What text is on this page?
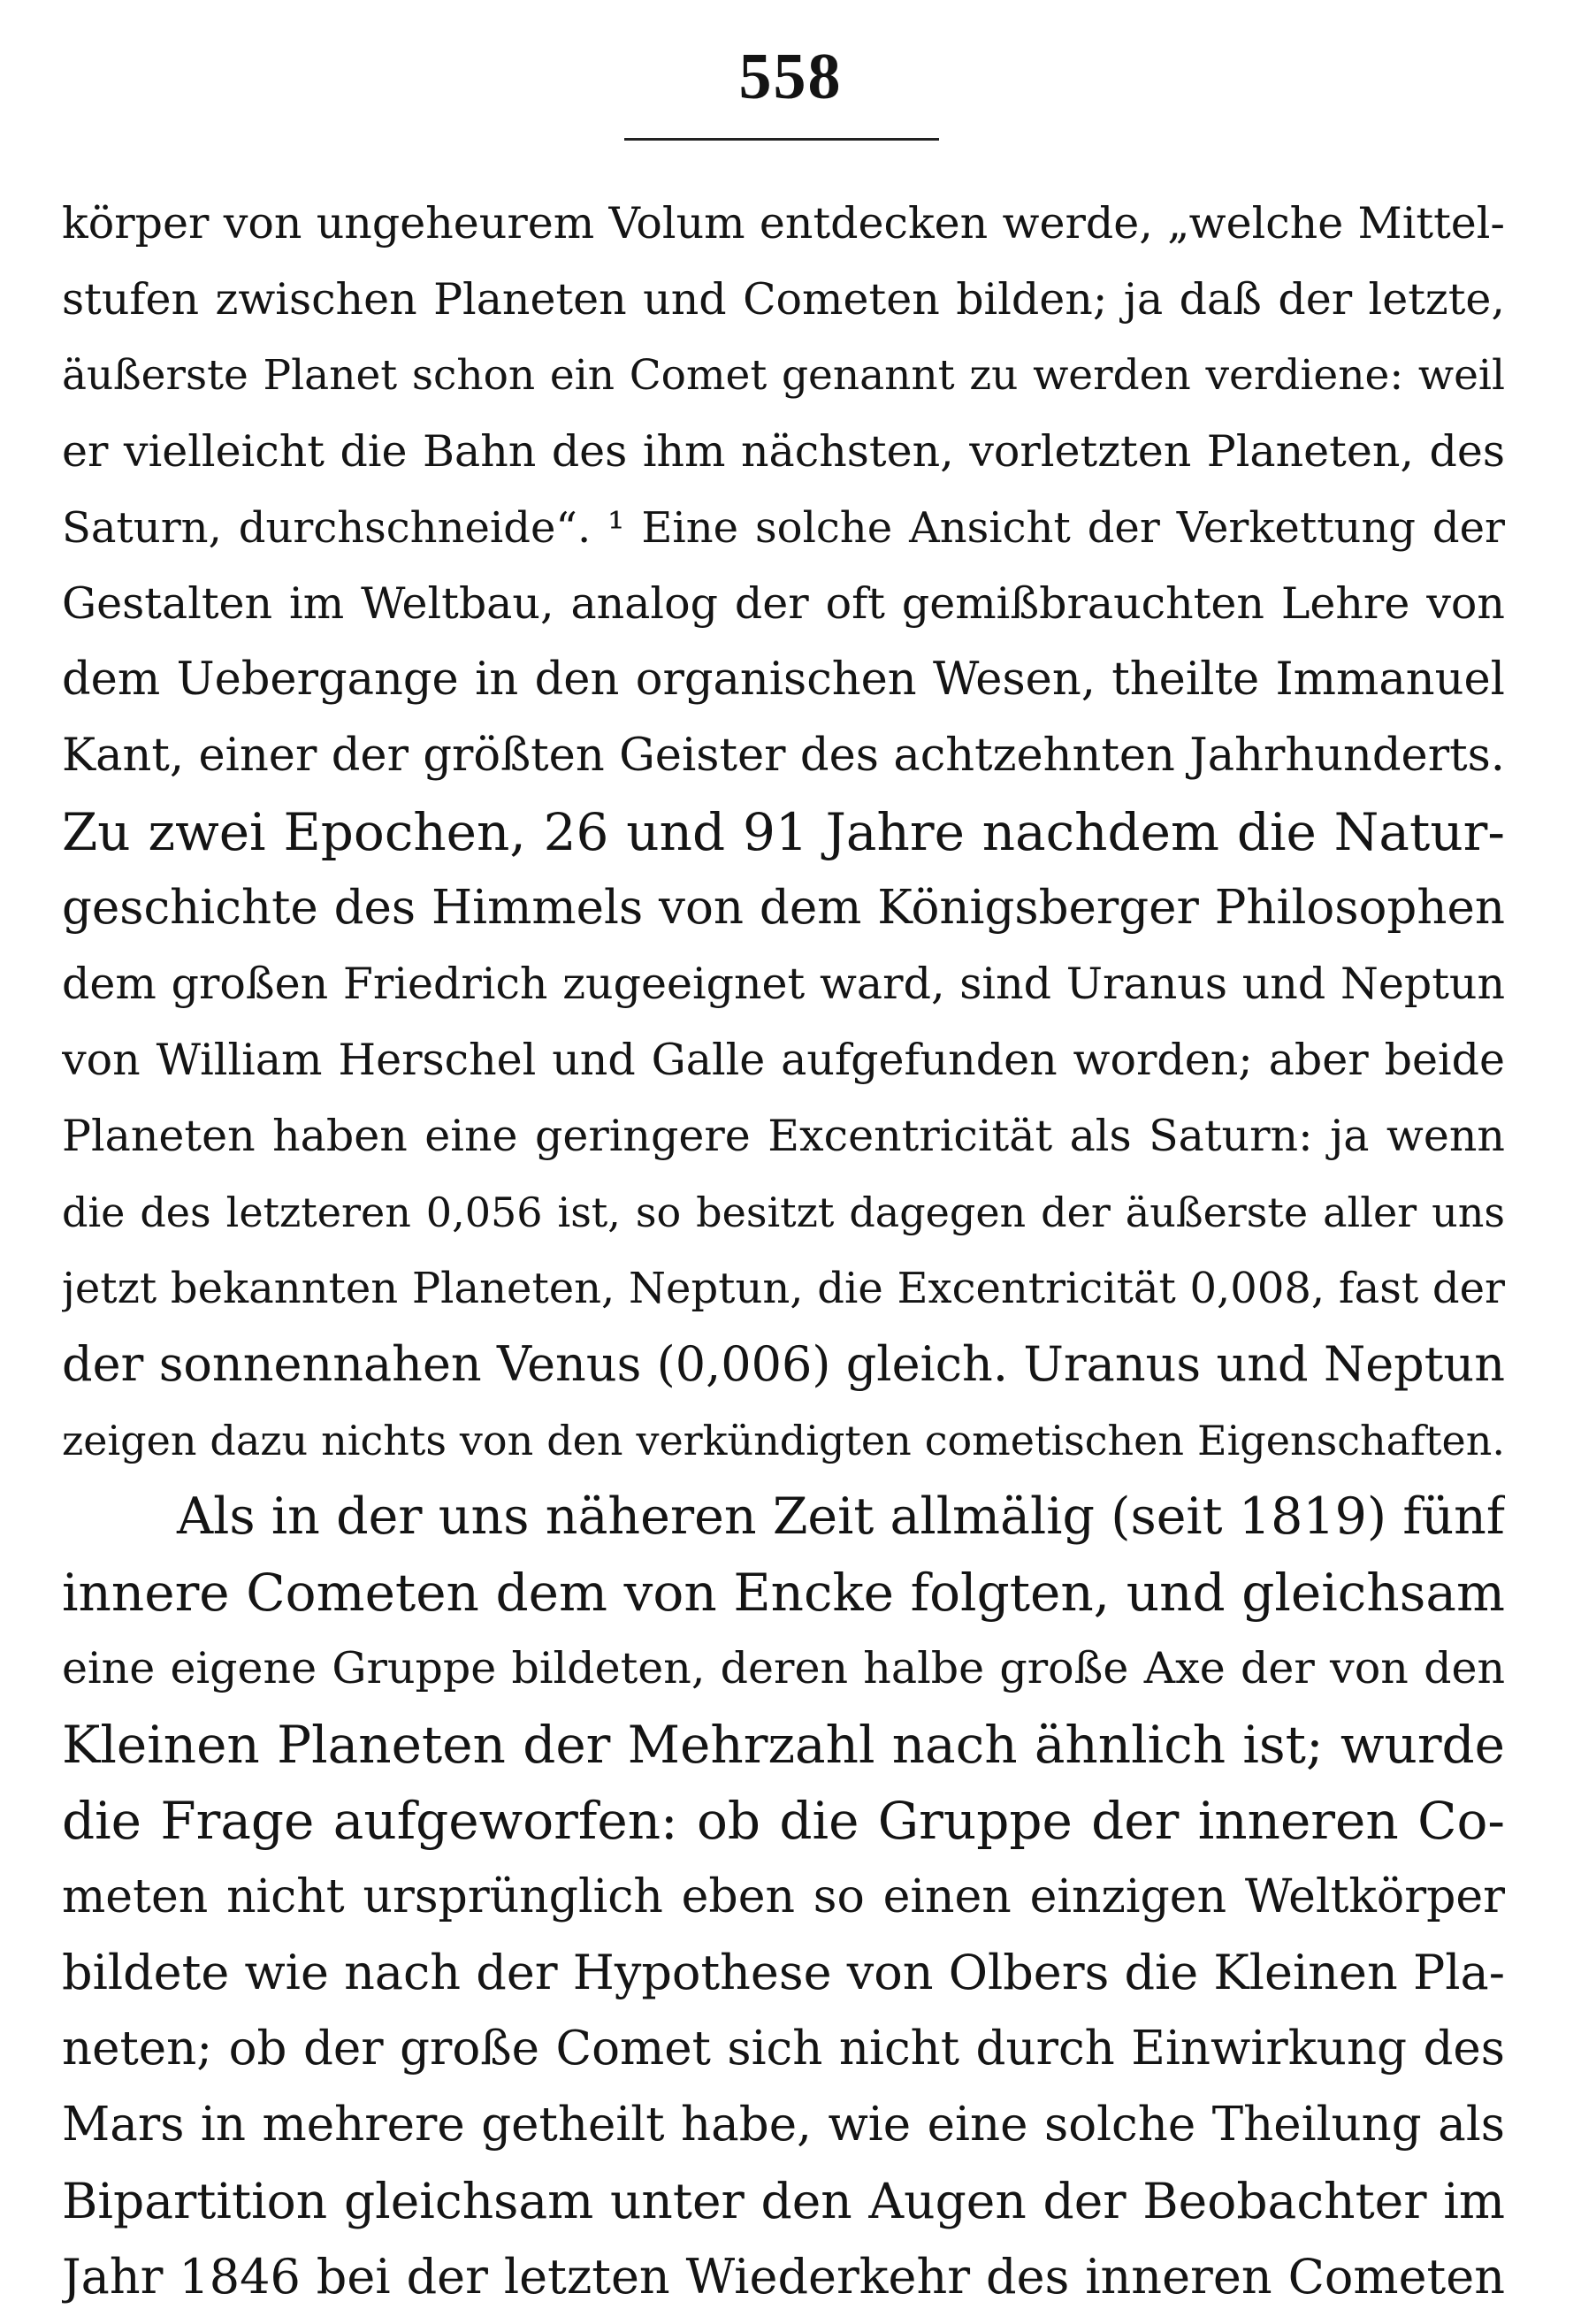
558
körper von ungeheurem Volum entdecken werde, „welche Mittel-
stufen zwischen Planeten und Cometen bilden; ja daß der letzte,
äußerste Planet schon ein Comet genannt zu werden verdiene: weil
er vielleicht die Bahn des ihm nächsten, vorletzten Planeten, des
Saturn, durchschneide“. ¹ Eine solche Ansicht der Verkettung der
Gestalten im Weltbau, analog der oft gemißbrauchten Lehre von
dem Uebergange in den organischen Wesen, theilte Immanuel
Kant, einer der größten Geister des achtzehnten Jahrhunderts.
Zu zwei Epochen, 26 und 91 Jahre nachdem die Natur-
geschichte des Himmels von dem Königsberger Philosophen
dem großen Friedrich zugeeignet ward, sind Uranus und Neptun
von William Herschel und Galle aufgefunden worden; aber beide
Planeten haben eine geringere Excentricität als Saturn: ja wenn
die des letzteren 0,056 ist, so besitzt dagegen der äußerste aller uns
jetzt bekannten Planeten, Neptun, die Excentricität 0,008, fast der
der sonnennahen Venus (0,006) gleich. Uranus und Neptun
zeigen dazu nichts von den verkündigten cometischen Eigenschaften.
Als in der uns näheren Zeit allmälig (seit 1819) fünf
innere Cometen dem von Encke folgten, und gleichsam
eine eigene Gruppe bildeten, deren halbe große Axe der von den
Kleinen Planeten der Mehrzahl nach ähnlich ist; wurde
die Frage aufgeworfen: ob die Gruppe der inneren Co-
meten nicht ursprünglich eben so einen einzigen Weltkörper
bildete wie nach der Hypothese von Olbers die Kleinen Pla-
neten; ob der große Comet sich nicht durch Einwirkung des
Mars in mehrere getheilt habe, wie eine solche Theilung als
Bipartition gleichsam unter den Augen der Beobachter im
Jahr 1846 bei der letzten Wiederkehr des inneren Cometen
